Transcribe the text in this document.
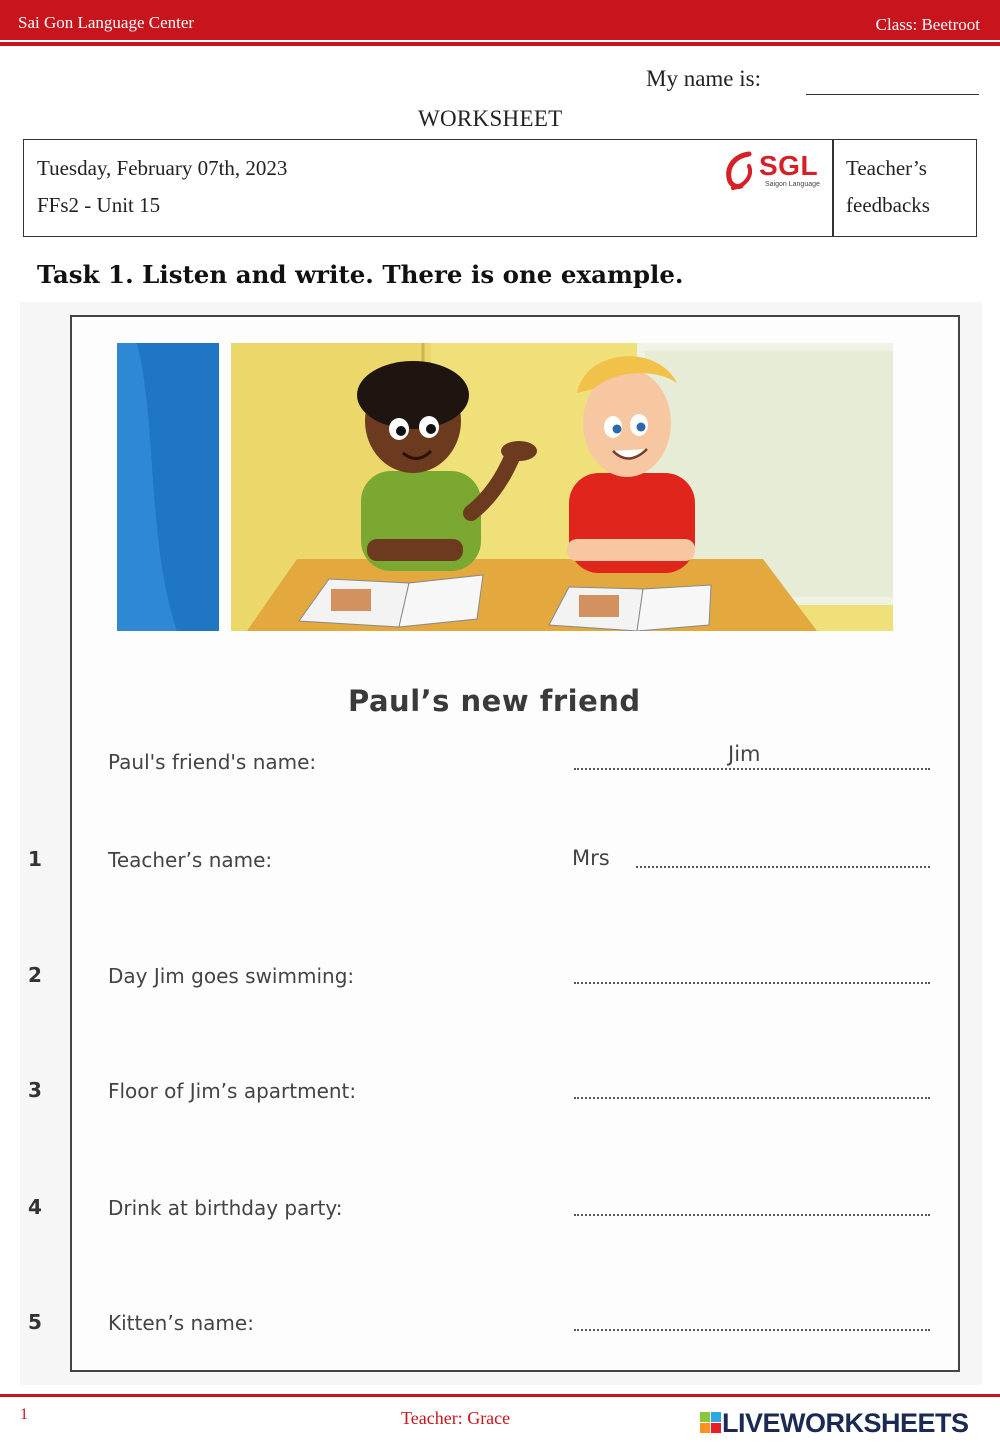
Sai Gon Language Center	Class: Beetroot
My name is:
WORKSHEET
Tuesday, February 07th, 2023
FFs2 - Unit 15
SGL
Saigon Language
Teacher’s
feedbacks
Task 1. Listen and write. There is one example.
Paul’s new friend
Paul's friend's name:	Jim
1	Teacher’s name:	Mrs
2	Day Jim goes swimming:
3	Floor of Jim’s apartment:
4	Drink at birthday party:
5	Kitten’s name:
1	Teacher: Grace	LIVEWORKSHEETS
